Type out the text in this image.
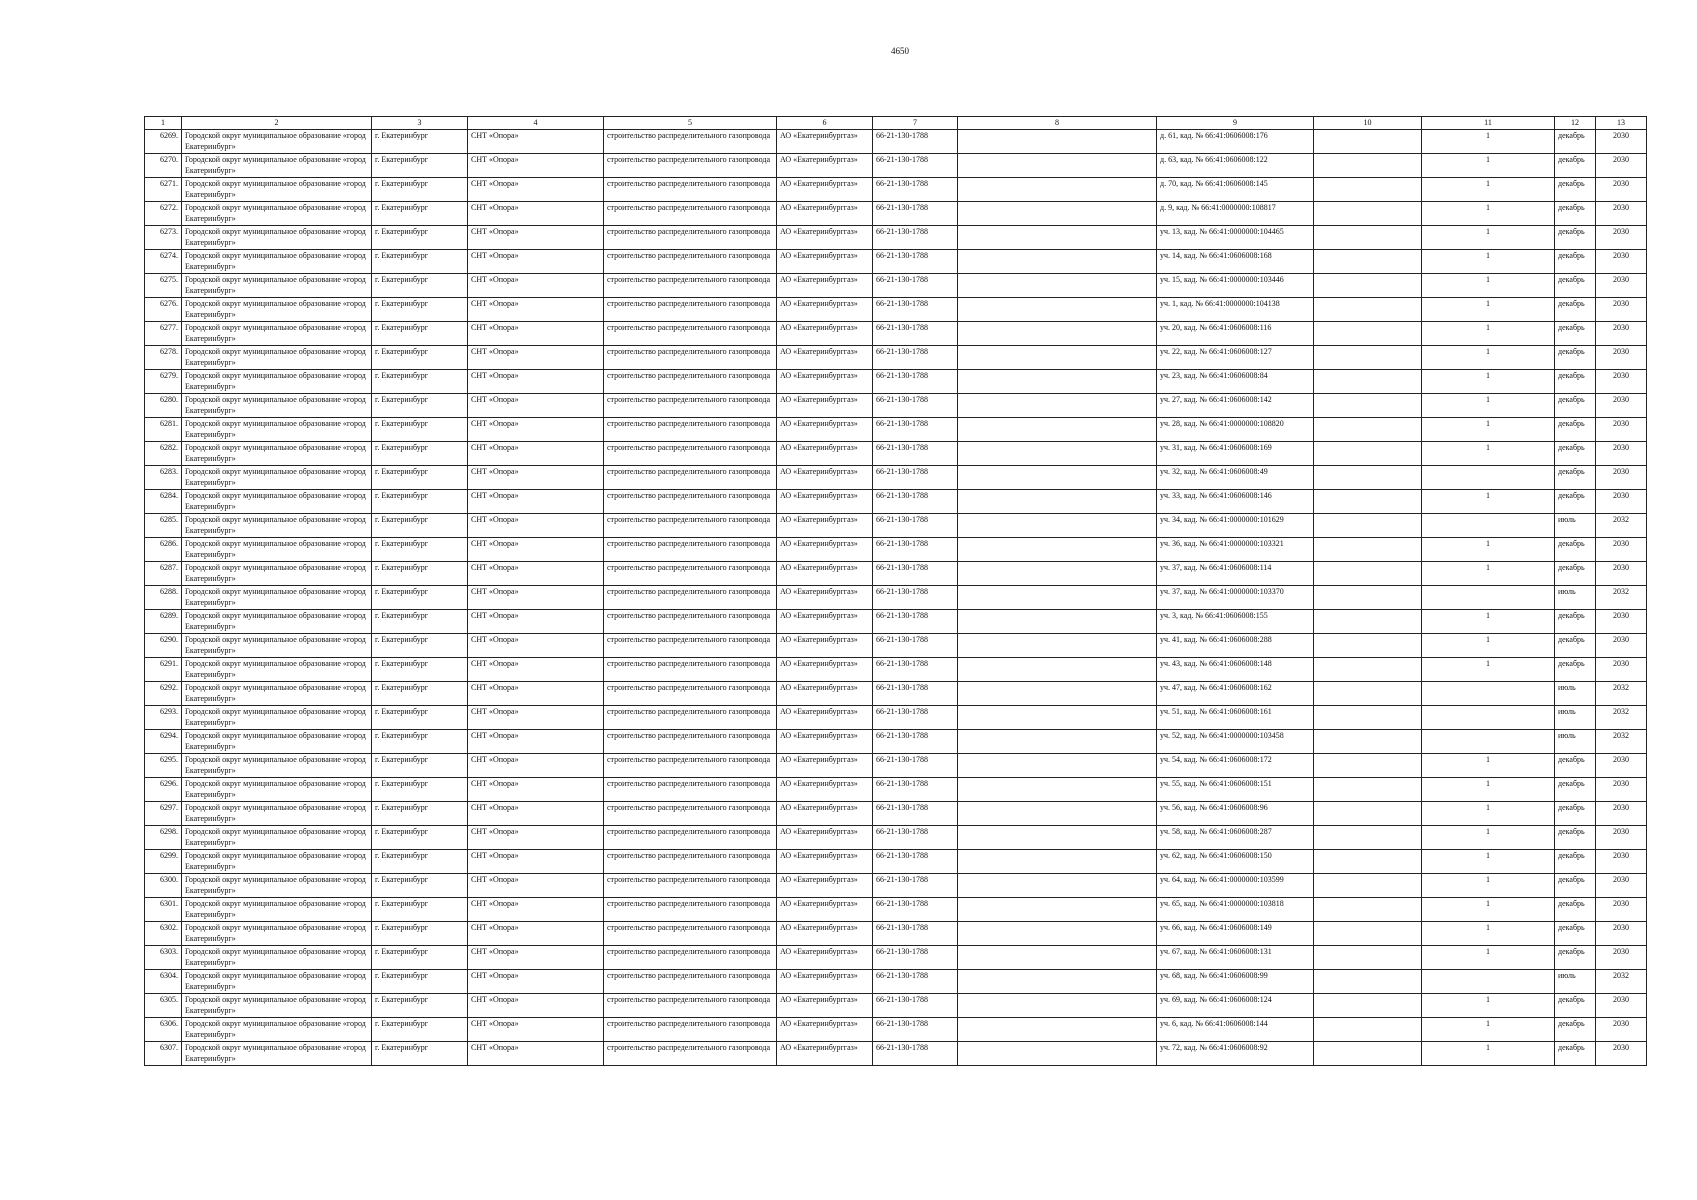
4650
1	2	3	4	5	6	7	8	9	10	11	12	13
6269.	Городской округ муниципальное образование «город Екатеринбург»	г. Екатеринбург	СНТ «Опора»	строительство распределительного газопровода	АО «Екатеринбурггаз»	66-21-130-1788		д. 61, кад. № 66:41:0606008:176		1	декабрь	2030
6270.	Городской округ муниципальное образование «город Екатеринбург»	г. Екатеринбург	СНТ «Опора»	строительство распределительного газопровода	АО «Екатеринбурггаз»	66-21-130-1788		д. 63, кад. № 66:41:0606008:122		1	декабрь	2030
6271.	Городской округ муниципальное образование «город Екатеринбург»	г. Екатеринбург	СНТ «Опора»	строительство распределительного газопровода	АО «Екатеринбурггаз»	66-21-130-1788		д. 70, кад. № 66:41:0606008:145		1	декабрь	2030
6272.	Городской округ муниципальное образование «город Екатеринбург»	г. Екатеринбург	СНТ «Опора»	строительство распределительного газопровода	АО «Екатеринбурггаз»	66-21-130-1788		д. 9, кад. № 66:41:0000000:108817		1	декабрь	2030
6273.	Городской округ муниципальное образование «город Екатеринбург»	г. Екатеринбург	СНТ «Опора»	строительство распределительного газопровода	АО «Екатеринбурггаз»	66-21-130-1788		уч. 13, кад. № 66:41:0000000:104465		1	декабрь	2030
6274.	Городской округ муниципальное образование «город Екатеринбург»	г. Екатеринбург	СНТ «Опора»	строительство распределительного газопровода	АО «Екатеринбурггаз»	66-21-130-1788		уч. 14, кад. № 66:41:0606008:168		1	декабрь	2030
6275.	Городской округ муниципальное образование «город Екатеринбург»	г. Екатеринбург	СНТ «Опора»	строительство распределительного газопровода	АО «Екатеринбурггаз»	66-21-130-1788		уч. 15, кад. № 66:41:0000000:103446		1	декабрь	2030
6276.	Городской округ муниципальное образование «город Екатеринбург»	г. Екатеринбург	СНТ «Опора»	строительство распределительного газопровода	АО «Екатеринбурггаз»	66-21-130-1788		уч. 1, кад. № 66:41:0000000:104138		1	декабрь	2030
6277.	Городской округ муниципальное образование «город Екатеринбург»	г. Екатеринбург	СНТ «Опора»	строительство распределительного газопровода	АО «Екатеринбурггаз»	66-21-130-1788		уч. 20, кад. № 66:41:0606008:116		1	декабрь	2030
6278.	Городской округ муниципальное образование «город Екатеринбург»	г. Екатеринбург	СНТ «Опора»	строительство распределительного газопровода	АО «Екатеринбурггаз»	66-21-130-1788		уч. 22, кад. № 66:41:0606008:127		1	декабрь	2030
6279.	Городской округ муниципальное образование «город Екатеринбург»	г. Екатеринбург	СНТ «Опора»	строительство распределительного газопровода	АО «Екатеринбурггаз»	66-21-130-1788		уч. 23, кад. № 66:41:0606008:84		1	декабрь	2030
6280.	Городской округ муниципальное образование «город Екатеринбург»	г. Екатеринбург	СНТ «Опора»	строительство распределительного газопровода	АО «Екатеринбурггаз»	66-21-130-1788		уч. 27, кад. № 66:41:0606008:142		1	декабрь	2030
6281.	Городской округ муниципальное образование «город Екатеринбург»	г. Екатеринбург	СНТ «Опора»	строительство распределительного газопровода	АО «Екатеринбурггаз»	66-21-130-1788		уч. 28, кад. № 66:41:0000000:108820		1	декабрь	2030
6282.	Городской округ муниципальное образование «город Екатеринбург»	г. Екатеринбург	СНТ «Опора»	строительство распределительного газопровода	АО «Екатеринбурггаз»	66-21-130-1788		уч. 31, кад. № 66:41:0606008:169		1	декабрь	2030
6283.	Городской округ муниципальное образование «город Екатеринбург»	г. Екатеринбург	СНТ «Опора»	строительство распределительного газопровода	АО «Екатеринбурггаз»	66-21-130-1788		уч. 32, кад. № 66:41:0606008:49			декабрь	2030
6284.	Городской округ муниципальное образование «город Екатеринбург»	г. Екатеринбург	СНТ «Опора»	строительство распределительного газопровода	АО «Екатеринбурггаз»	66-21-130-1788		уч. 33, кад. № 66:41:0606008:146		1	декабрь	2030
6285.	Городской округ муниципальное образование «город Екатеринбург»	г. Екатеринбург	СНТ «Опора»	строительство распределительного газопровода	АО «Екатеринбурггаз»	66-21-130-1788		уч. 34, кад. № 66:41:0000000:101629			июль	2032
6286.	Городской округ муниципальное образование «город Екатеринбург»	г. Екатеринбург	СНТ «Опора»	строительство распределительного газопровода	АО «Екатеринбурггаз»	66-21-130-1788		уч. 36, кад. № 66:41:0000000:103321		1	декабрь	2030
6287.	Городской округ муниципальное образование «город Екатеринбург»	г. Екатеринбург	СНТ «Опора»	строительство распределительного газопровода	АО «Екатеринбурггаз»	66-21-130-1788		уч. 37, кад. № 66:41:0606008:114		1	декабрь	2030
6288.	Городской округ муниципальное образование «город Екатеринбург»	г. Екатеринбург	СНТ «Опора»	строительство распределительного газопровода	АО «Екатеринбурггаз»	66-21-130-1788		уч. 37, кад. № 66:41:0000000:103370			июль	2032
6289.	Городской округ муниципальное образование «город Екатеринбург»	г. Екатеринбург	СНТ «Опора»	строительство распределительного газопровода	АО «Екатеринбурггаз»	66-21-130-1788		уч. 3, кад. № 66:41:0606008:155		1	декабрь	2030
6290.	Городской округ муниципальное образование «город Екатеринбург»	г. Екатеринбург	СНТ «Опора»	строительство распределительного газопровода	АО «Екатеринбурггаз»	66-21-130-1788		уч. 41, кад. № 66:41:0606008:288		1	декабрь	2030
6291.	Городской округ муниципальное образование «город Екатеринбург»	г. Екатеринбург	СНТ «Опора»	строительство распределительного газопровода	АО «Екатеринбурггаз»	66-21-130-1788		уч. 43, кад. № 66:41:0606008:148		1	декабрь	2030
6292.	Городской округ муниципальное образование «город Екатеринбург»	г. Екатеринбург	СНТ «Опора»	строительство распределительного газопровода	АО «Екатеринбурггаз»	66-21-130-1788		уч. 47, кад. № 66:41:0606008:162			июль	2032
6293.	Городской округ муниципальное образование «город Екатеринбург»	г. Екатеринбург	СНТ «Опора»	строительство распределительного газопровода	АО «Екатеринбурггаз»	66-21-130-1788		уч. 51, кад. № 66:41:0606008:161			июль	2032
6294.	Городской округ муниципальное образование «город Екатеринбург»	г. Екатеринбург	СНТ «Опора»	строительство распределительного газопровода	АО «Екатеринбурггаз»	66-21-130-1788		уч. 52, кад. № 66:41:0000000:103458			июль	2032
6295.	Городской округ муниципальное образование «город Екатеринбург»	г. Екатеринбург	СНТ «Опора»	строительство распределительного газопровода	АО «Екатеринбурггаз»	66-21-130-1788		уч. 54, кад. № 66:41:0606008:172		1	декабрь	2030
6296.	Городской округ муниципальное образование «город Екатеринбург»	г. Екатеринбург	СНТ «Опора»	строительство распределительного газопровода	АО «Екатеринбурггаз»	66-21-130-1788		уч. 55, кад. № 66:41:0606008:151		1	декабрь	2030
6297.	Городской округ муниципальное образование «город Екатеринбург»	г. Екатеринбург	СНТ «Опора»	строительство распределительного газопровода	АО «Екатеринбурггаз»	66-21-130-1788		уч. 56, кад. № 66:41:0606008:96		1	декабрь	2030
6298.	Городской округ муниципальное образование «город Екатеринбург»	г. Екатеринбург	СНТ «Опора»	строительство распределительного газопровода	АО «Екатеринбурггаз»	66-21-130-1788		уч. 58, кад. № 66:41:0606008:287		1	декабрь	2030
6299.	Городской округ муниципальное образование «город Екатеринбург»	г. Екатеринбург	СНТ «Опора»	строительство распределительного газопровода	АО «Екатеринбурггаз»	66-21-130-1788		уч. 62, кад. № 66:41:0606008:150		1	декабрь	2030
6300.	Городской округ муниципальное образование «город Екатеринбург»	г. Екатеринбург	СНТ «Опора»	строительство распределительного газопровода	АО «Екатеринбурггаз»	66-21-130-1788		уч. 64, кад. № 66:41:0000000:103599		1	декабрь	2030
6301.	Городской округ муниципальное образование «город Екатеринбург»	г. Екатеринбург	СНТ «Опора»	строительство распределительного газопровода	АО «Екатеринбурггаз»	66-21-130-1788		уч. 65, кад. № 66:41:0000000:103818		1	декабрь	2030
6302.	Городской округ муниципальное образование «город Екатеринбург»	г. Екатеринбург	СНТ «Опора»	строительство распределительного газопровода	АО «Екатеринбурггаз»	66-21-130-1788		уч. 66, кад. № 66:41:0606008:149		1	декабрь	2030
6303.	Городской округ муниципальное образование «город Екатеринбург»	г. Екатеринбург	СНТ «Опора»	строительство распределительного газопровода	АО «Екатеринбурггаз»	66-21-130-1788		уч. 67, кад. № 66:41:0606008:131		1	декабрь	2030
6304.	Городской округ муниципальное образование «город Екатеринбург»	г. Екатеринбург	СНТ «Опора»	строительство распределительного газопровода	АО «Екатеринбурггаз»	66-21-130-1788		уч. 68, кад. № 66:41:0606008:99			июль	2032
6305.	Городской округ муниципальное образование «город Екатеринбург»	г. Екатеринбург	СНТ «Опора»	строительство распределительного газопровода	АО «Екатеринбурггаз»	66-21-130-1788		уч. 69, кад. № 66:41:0606008:124		1	декабрь	2030
6306.	Городской округ муниципальное образование «город Екатеринбург»	г. Екатеринбург	СНТ «Опора»	строительство распределительного газопровода	АО «Екатеринбурггаз»	66-21-130-1788		уч. 6, кад. № 66:41:0606008:144		1	декабрь	2030
6307.	Городской округ муниципальное образование «город Екатеринбург»	г. Екатеринбург	СНТ «Опора»	строительство распределительного газопровода	АО «Екатеринбурггаз»	66-21-130-1788		уч. 72, кад. № 66:41:0606008:92		1	декабрь	2030
